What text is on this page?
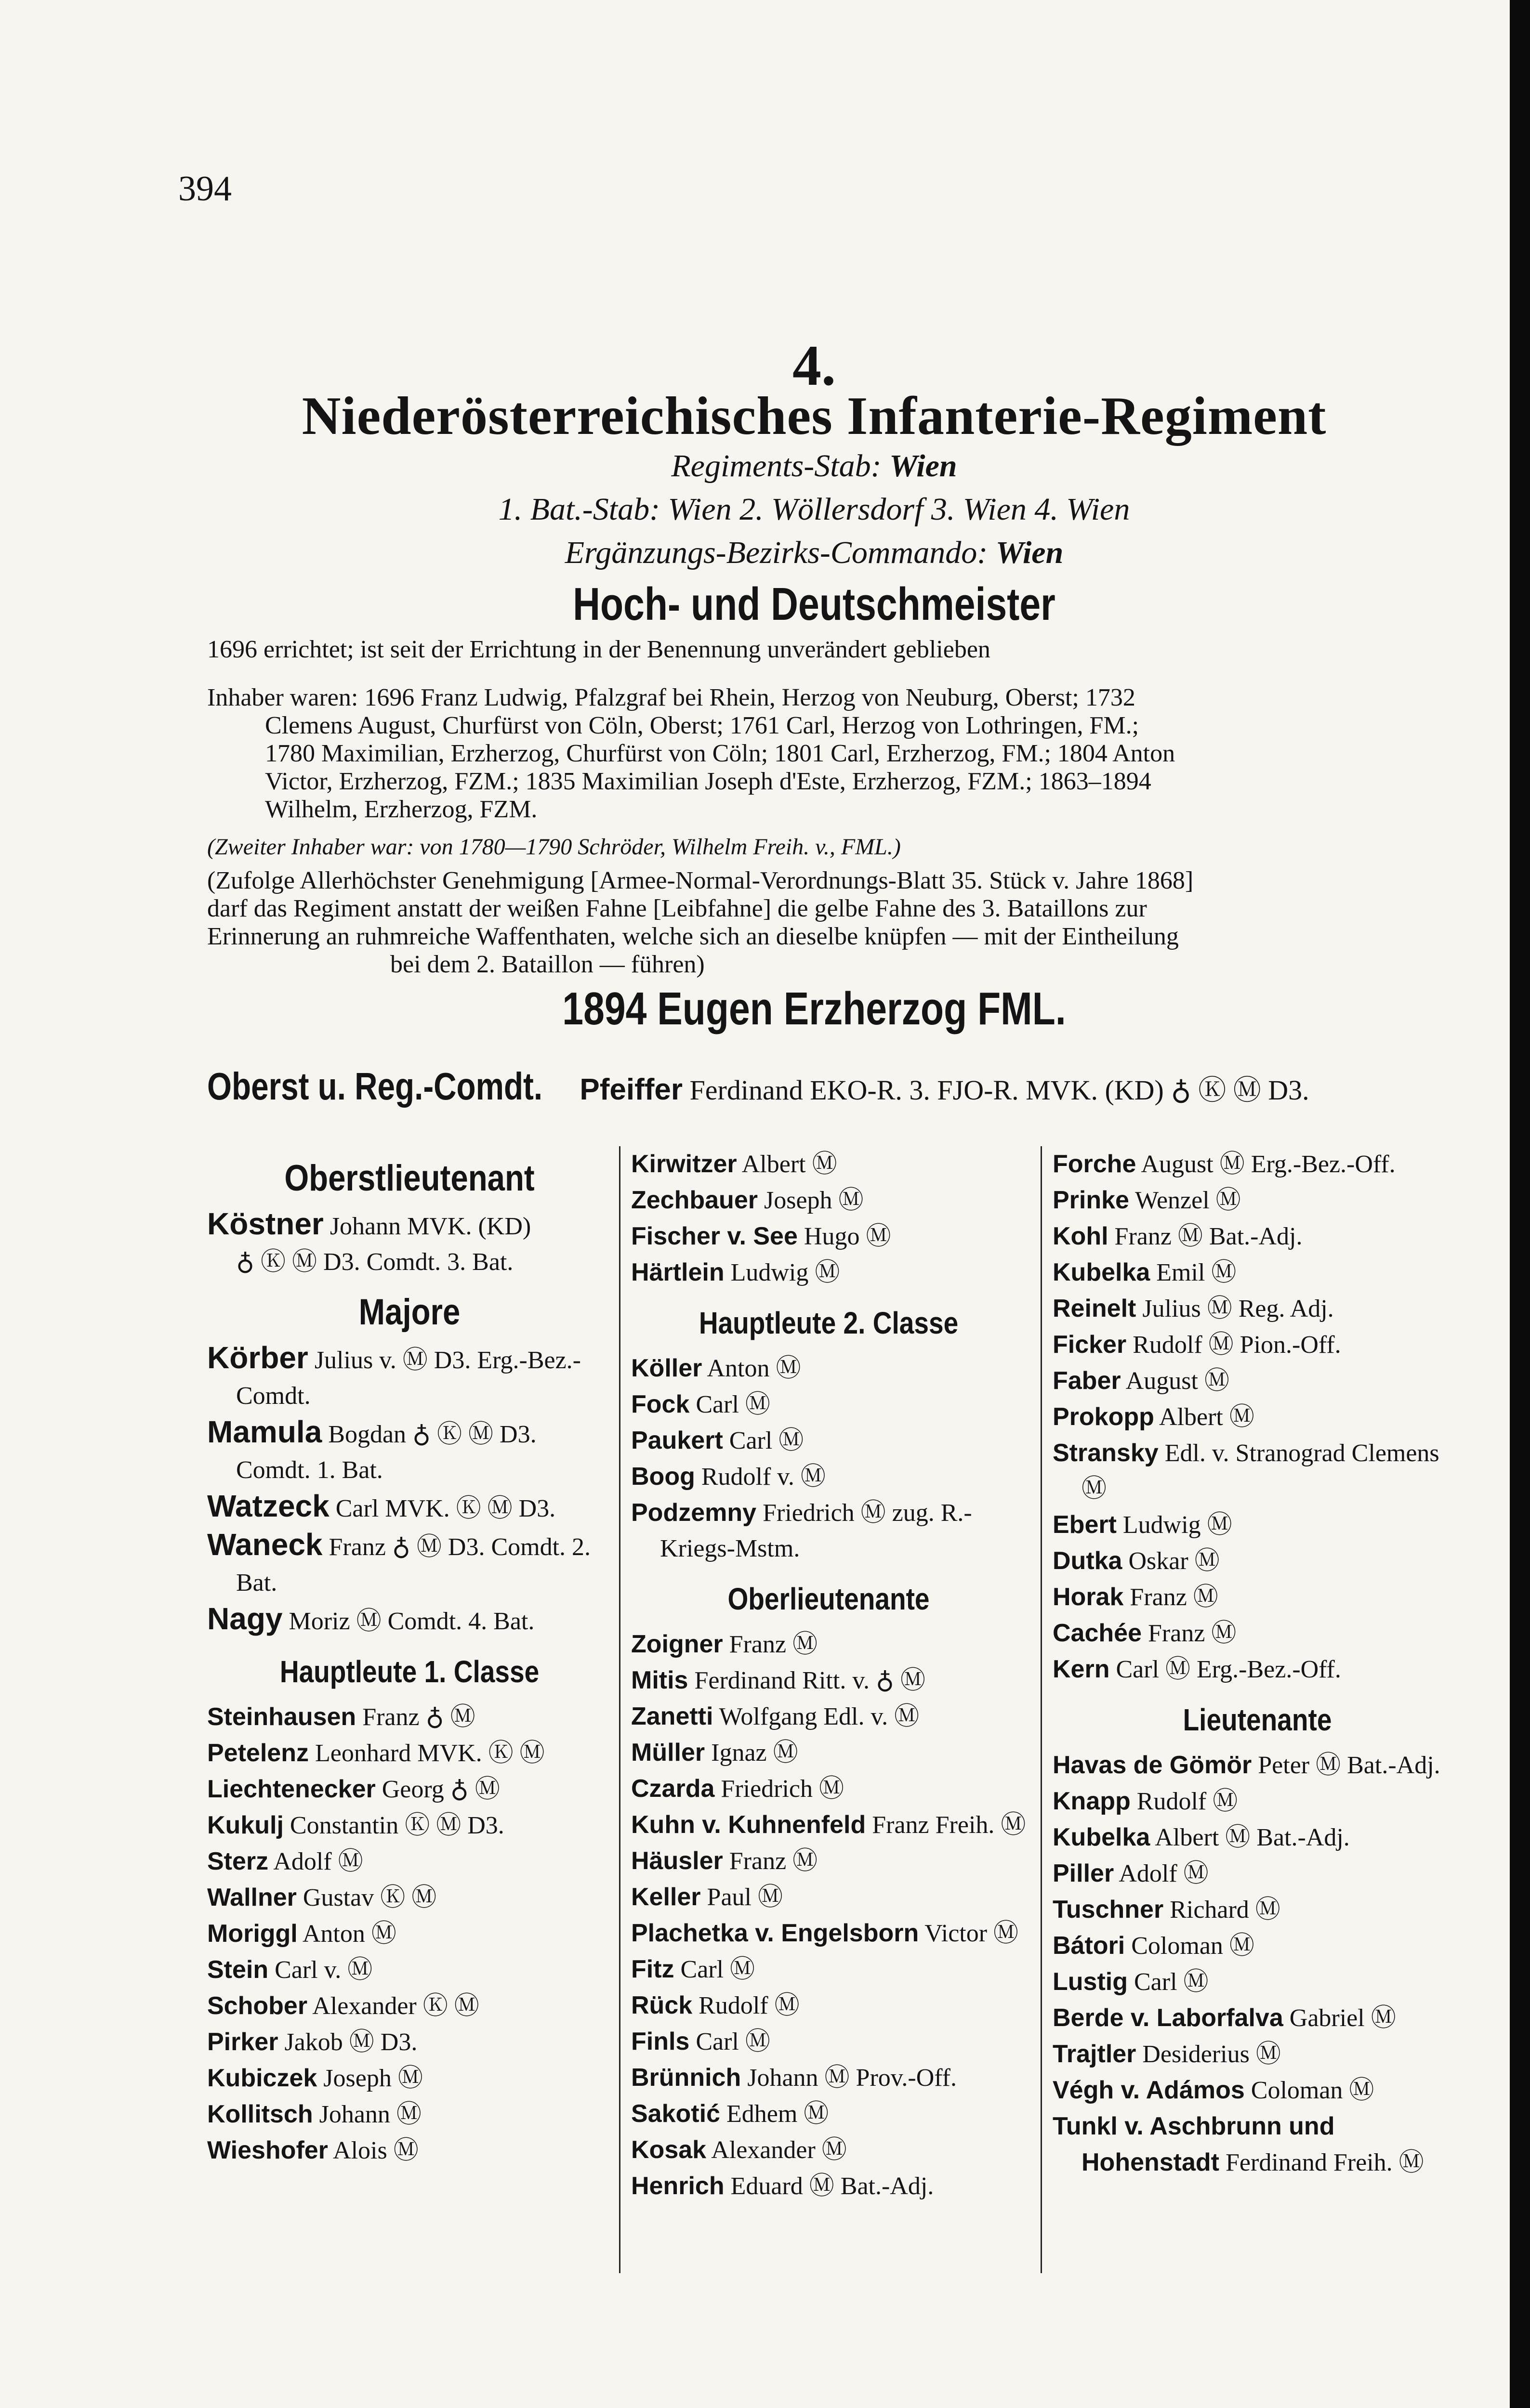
394
4.
Niederösterreichisches Infanterie-Regiment
Regiments-Stab: Wien
1. Bat.-Stab: Wien 2. Wöllersdorf 3. Wien 4. Wien
Ergänzungs-Bezirks-Commando: Wien
Hoch- und Deutschmeister
1696 errichtet; ist seit der Errichtung in der Benennung unverändert geblieben

Inhaber waren: 1696 Franz Ludwig, Pfalzgraf bei Rhein, Herzog von Neuburg, Oberst; 1732

Clemens August, Churfürst von Cöln, Oberst; 1761 Carl, Herzog von Lothringen, FM.;

1780 Maximilian, Erzherzog, Churfürst von Cöln; 1801 Carl, Erzherzog, FM.; 1804 Anton

Victor, Erzherzog, FZM.; 1835 Maximilian Joseph d'Este, Erzherzog, FZM.; 1863–1894

Wilhelm, Erzherzog, FZM.

(Zweiter Inhaber war: von 1780—1790 Schröder, Wilhelm Freih. v., FML.)

(Zufolge Allerhöchster Genehmigung [Armee-Normal-Verordnungs-Blatt 35. Stück v. Jahre 1868]

darf das Regiment anstatt der weißen Fahne [Leibfahne] die gelbe Fahne des 3. Bataillons zur

Erinnerung an ruhmreiche Waffenthaten, welche sich an dieselbe knüpfen — mit der Eintheilung

bei dem 2. Bataillon — führen)

1894 Eugen Erzherzog FML.
Oberst u. Reg.-Comdt. Pfeiffer Ferdinand EKO-R. 3. FJO-R. MVK. (KD) ♁ Ⓚ Ⓜ D3.
Oberstlieutenant

Köstner Johann MVK. (KD)

♁ Ⓚ Ⓜ D3. Comdt. 3. Bat.

Majore

Körber Julius v. Ⓜ D3. Erg.-Bez.-Comdt.

Mamula Bogdan ♁ Ⓚ Ⓜ D3. Comdt. 1. Bat.

Watzeck Carl MVK. Ⓚ Ⓜ D3.

Waneck Franz ♁ Ⓜ D3. Comdt. 2. Bat.

Nagy Moriz Ⓜ Comdt. 4. Bat.

Hauptleute 1. Classe

Steinhausen Franz ♁ Ⓜ

Petelenz Leonhard MVK. Ⓚ Ⓜ

Liechtenecker Georg ♁ Ⓜ

Kukulj Constantin Ⓚ Ⓜ D3.

Sterz Adolf Ⓜ

Wallner Gustav Ⓚ Ⓜ

Moriggl Anton Ⓜ

Stein Carl v. Ⓜ

Schober Alexander Ⓚ Ⓜ

Pirker Jakob Ⓜ D3.

Kubiczek Joseph Ⓜ

Kollitsch Johann Ⓜ

Wieshofer Alois Ⓜ

Kirwitzer Albert Ⓜ

Zechbauer Joseph Ⓜ

Fischer v. See Hugo Ⓜ

Härtlein Ludwig Ⓜ

Hauptleute 2. Classe

Köller Anton Ⓜ

Fock Carl Ⓜ

Paukert Carl Ⓜ

Boog Rudolf v. Ⓜ

Podzemny Friedrich Ⓜ zug. R.-Kriegs-Mstm.

Oberlieutenante

Zoigner Franz Ⓜ

Mitis Ferdinand Ritt. v. ♁ Ⓜ

Zanetti Wolfgang Edl. v. Ⓜ

Müller Ignaz Ⓜ

Czarda Friedrich Ⓜ

Kuhn v. Kuhnenfeld Franz Freih. Ⓜ

Häusler Franz Ⓜ

Keller Paul Ⓜ

Plachetka v. Engelsborn Victor Ⓜ

Fitz Carl Ⓜ

Rück Rudolf Ⓜ

Finls Carl Ⓜ

Brünnich Johann Ⓜ Prov.-Off.

Sakotić Edhem Ⓜ

Kosak Alexander Ⓜ

Henrich Eduard Ⓜ Bat.-Adj.

Forche August Ⓜ Erg.-Bez.-Off.

Prinke Wenzel Ⓜ

Kohl Franz Ⓜ Bat.-Adj.

Kubelka Emil Ⓜ

Reinelt Julius Ⓜ Reg. Adj.

Ficker Rudolf Ⓜ Pion.-Off.

Faber August Ⓜ

Prokopp Albert Ⓜ

Stransky Edl. v. Stranograd Clemens Ⓜ

Ebert Ludwig Ⓜ

Dutka Oskar Ⓜ

Horak Franz Ⓜ

Cachée Franz Ⓜ

Kern Carl Ⓜ Erg.-Bez.-Off.

Lieutenante

Havas de Gömör Peter Ⓜ Bat.-Adj.

Knapp Rudolf Ⓜ

Kubelka Albert Ⓜ Bat.-Adj.

Piller Adolf Ⓜ

Tuschner Richard Ⓜ

Bátori Coloman Ⓜ

Lustig Carl Ⓜ

Berde v. Laborfalva Gabriel Ⓜ

Trajtler Desiderius Ⓜ

Végh v. Adámos Coloman Ⓜ

Tunkl v. Aschbrunn und Hohenstadt Ferdinand Freih. Ⓜ
